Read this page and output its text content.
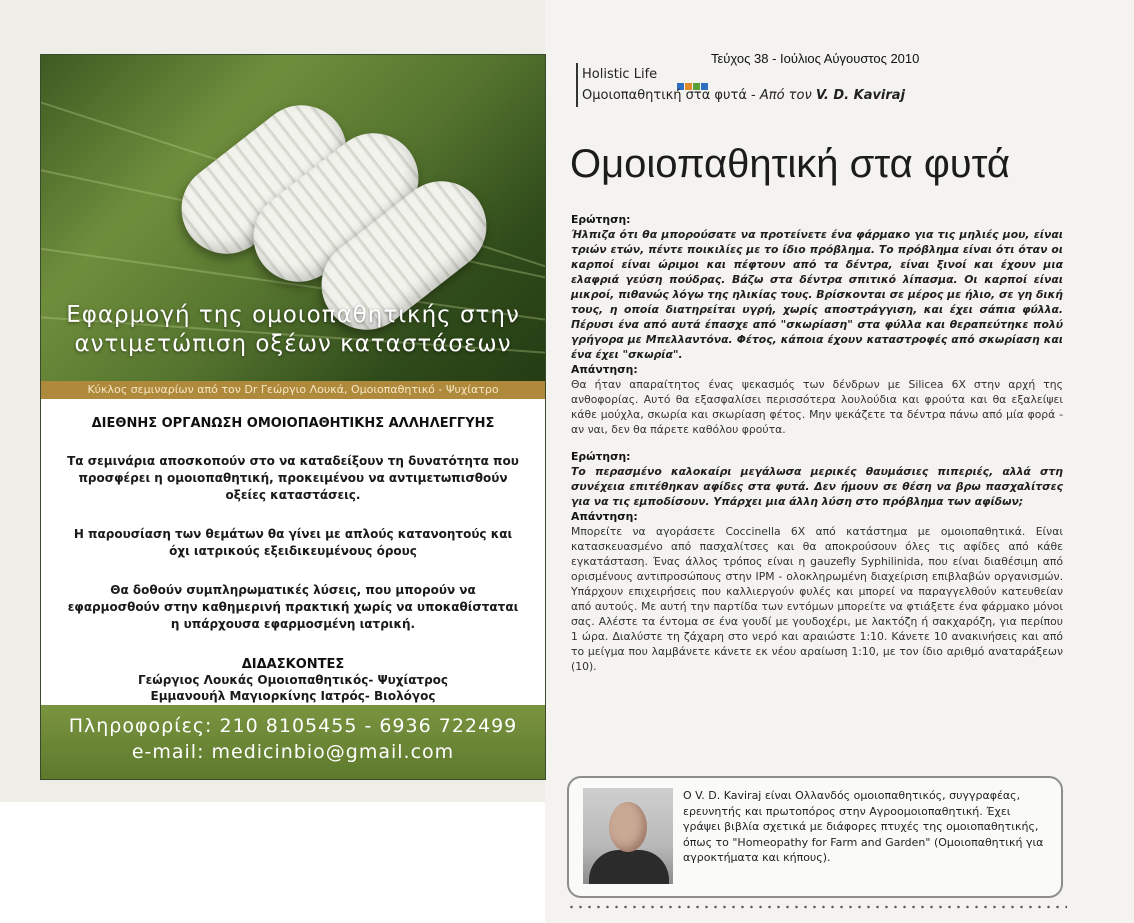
Εφαρμογή της ομοιοπαθητικής στην
αντιμετώπιση οξέων καταστάσεων
Κύκλος σεμιναρίων από τον Dr Γεώργιο Λουκά, Ομοιοπαθητικό - Ψυχίατρο
ΔΙΕΘΝΗΣ ΟΡΓΑΝΩΣΗ ΟΜΟΙΟΠΑΘΗΤΙΚΗΣ ΑΛΛΗΛΕΓΓΥΗΣ
Τα σεμινάρια αποσκοπούν στο να καταδείξουν τη δυνατότητα που προσφέρει η ομοιοπαθητική, προκειμένου να αντιμετωπισθούν οξείες καταστάσεις.
Η παρουσίαση των θεμάτων θα γίνει με απλούς κατανοητούς και όχι ιατρικούς εξειδικευμένους όρους
Θα δοθούν συμπληρωματικές λύσεις, που μπορούν να εφαρμοσθούν στην καθημερινή πρακτική χωρίς να υποκαθίσταται η υπάρχουσα εφαρμοσμένη ιατρική.
ΔΙΔΑΣΚΟΝΤΕΣ
Γεώργιος Λουκάς Ομοιοπαθητικός- Ψυχίατρος
Εμμανουήλ Μαγιορκίνης Ιατρός- Βιολόγος
Πληροφορίες: 210 8105455 - 6936 722499
e-mail: medicinbio@gmail.com
Τεύχος 38 - Ιούλιος Αύγουστος 2010
Holistic Life
Ομοιοπαθητική στα φυτά - Από τον V. D. Kaviraj
Ομοιοπαθητική στα φυτά
Ερώτηση:
Ήλπιζα ότι θα μπορούσατε να προτείνετε ένα φάρμακο για τις μηλιές μου, είναι τριών ετών, πέντε ποικιλίες με το ίδιο πρόβλημα. Το πρόβλημα είναι ότι όταν οι καρποί είναι ώριμοι και πέφτουν από τα δέντρα, είναι ξινοί και έχουν μια ελαφριά γεύση πούδρας. Βάζω στα δέντρα σπιτικό λίπασμα. Οι καρποί είναι μικροί, πιθανώς λόγω της ηλικίας τους. Βρίσκονται σε μέρος με ήλιο, σε γη δική τους, η οποία διατηρείται υγρή, χωρίς αποστράγγιση, και έχει σάπια φύλλα. Πέρυσι ένα από αυτά έπασχε από "σκωρίαση" στα φύλλα και θεραπεύτηκε πολύ γρήγορα με Μπελλαντόνα. Φέτος, κάποια έχουν καταστροφές από σκωρίαση και ένα έχει "σκωρία".
Απάντηση:
Θα ήταν απαραίτητος ένας ψεκασμός των δένδρων με Silicea 6X στην αρχή της ανθοφορίας. Αυτό θα εξασφαλίσει περισσότερα λουλούδια και φρούτα και θα εξαλείψει κάθε μούχλα, σκωρία και σκωρίαση φέτος. Μην ψεκάζετε τα δέντρα πάνω από μία φορά - αν ναι, δεν θα πάρετε καθόλου φρούτα.
Ερώτηση:
Το περασμένο καλοκαίρι μεγάλωσα μερικές θαυμάσιες πιπεριές, αλλά στη συνέχεια επιτέθηκαν αφίδες στα φυτά. Δεν ήμουν σε θέση να βρω πασχαλίτσες για να τις εμποδίσουν. Υπάρχει μια άλλη λύση στο πρόβλημα των αφίδων;
Απάντηση:
Μπορείτε να αγοράσετε Coccinella 6X από κατάστημα με ομοιοπαθητικά. Είναι κατασκευασμένο από πασχαλίτσες και θα αποκρούσουν όλες τις αφίδες από κάθε εγκατάσταση. Ένας άλλος τρόπος είναι η gauzefly Syphilinida, που είναι διαθέσιμη από ορισμένους αντιπροσώπους στην IPM - ολοκληρωμένη διαχείριση επιβλαβών οργανισμών. Υπάρχουν επιχειρήσεις που καλλιεργούν φυλές και μπορεί να παραγγελθούν κατευθείαν από αυτούς. Με αυτή την παρτίδα των εντόμων μπορείτε να φτιάξετε ένα φάρμακο μόνοι σας. Αλέστε τα έντομα σε ένα γουδί με γουδοχέρι, με λακτόζη ή σακχαρόζη, για περίπου 1 ώρα. Διαλύστε τη ζάχαρη στο νερό και αραιώστε 1:10. Κάνετε 10 ανακινήσεις και από το μείγμα που λαμβάνετε κάνετε εκ νέου αραίωση 1:10, με τον ίδιο αριθμό αναταράξεων (10).
Ο V. D. Kaviraj είναι Ολλανδός ομοιοπαθητικός, συγγραφέας, ερευνητής και πρωτοπόρος στην Αγροομοιοπαθητική. Έχει γράψει βιβλία σχετικά με διάφορες πτυχές της ομοιοπαθητικής, όπως το "Homeopathy for Farm and Garden" (Ομοιοπαθητική για αγροκτήματα και κήπους).
